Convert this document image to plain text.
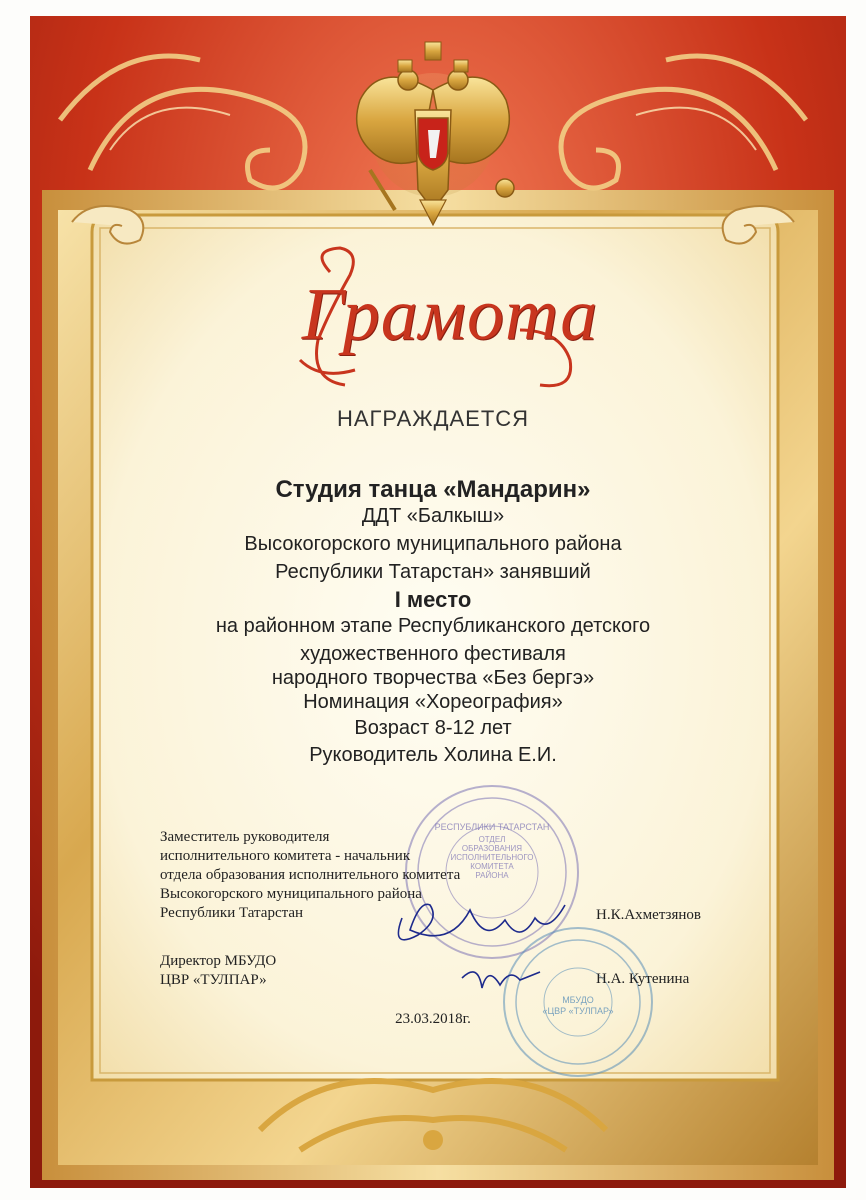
ОТДЕЛ
ОБРАЗОВАНИЯ
ИСПОЛНИТЕЛЬНОГО
КОМИТЕТА
РАЙОНА
РЕСПУБЛИКИ ТАТАРСТАН
МБУДО
«ЦВР «ТУЛПАР»
Грамота
НАГРАЖДАЕТСЯ
Студия танца «Мандарин»
ДДТ «Балкыш»
Высокогорского муниципального района
Республики Татарстан» занявший
I место
на районном этапе Республиканского детского
художественного фестиваля
народного творчества «Без бергэ»
Номинация «Хореография»
Возраст 8-12 лет
Руководитель Холина Е.И.
Заместитель руководителя
исполнительного комитета - начальник
отдела образования исполнительного комитета
Высокогорского муниципального района
Республики Татарстан	Н.К.Ахметзянов
Директор МБУДО
ЦВР «ТУЛПАР»	Н.А. Кутенина
23.03.2018г.
